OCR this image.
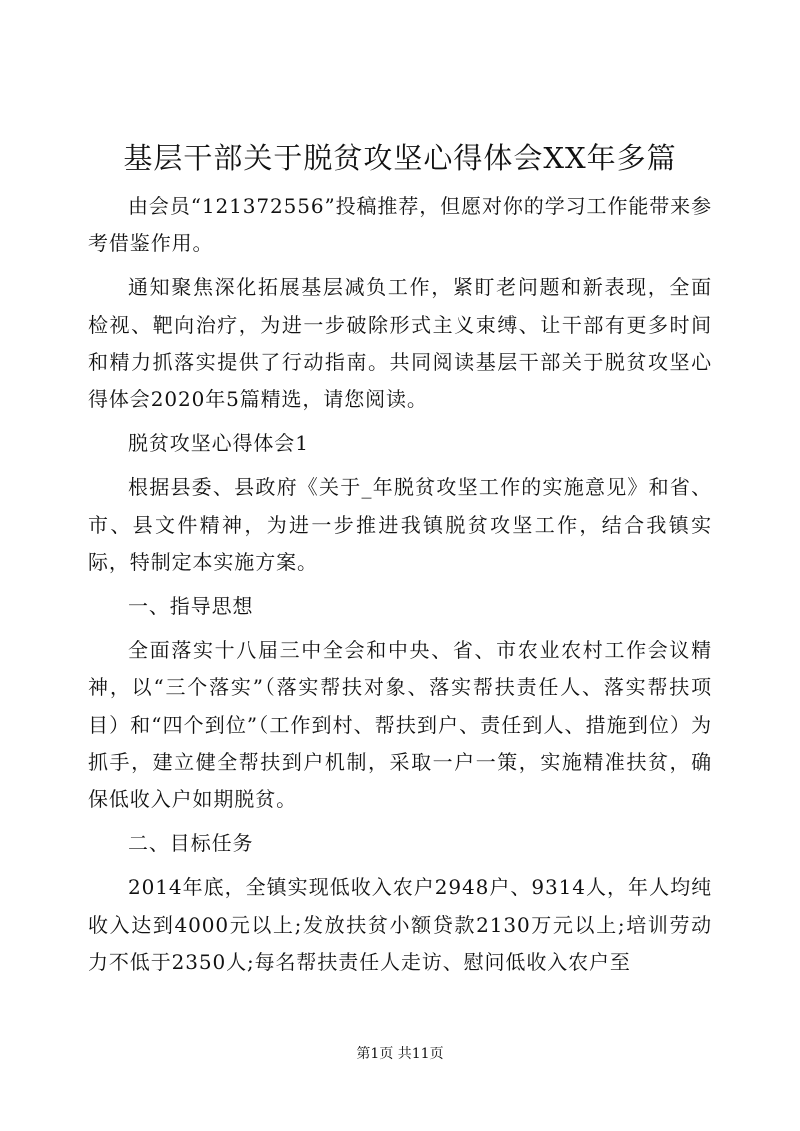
基层干部关于脱贫攻坚心得体会XX年多篇

由会员“121372556”投稿推荐，但愿对你的学习工作能带来参考借鉴作用。

通知聚焦深化拓展基层减负工作，紧盯老问题和新表现，全面检视、靶向治疗，为进一步破除形式主义束缚、让干部有更多时间和精力抓落实提供了行动指南。共同阅读基层干部关于脱贫攻坚心得体会2020年5篇精选，请您阅读。

脱贫攻坚心得体会1

根据县委、县政府《关于_年脱贫攻坚工作的实施意见》和省、市、县文件精神，为进一步推进我镇脱贫攻坚工作，结合我镇实际，特制定本实施方案。

一、指导思想

全面落实十八届三中全会和中央、省、市农业农村工作会议精神，以“三个落实”（落实帮扶对象、落实帮扶责任人、落实帮扶项目）和“四个到位”（工作到村、帮扶到户、责任到人、措施到位）为抓手，建立健全帮扶到户机制，采取一户一策，实施精准扶贫，确保低收入户如期脱贫。

二、目标任务

2014年底，全镇实现低收入农户2948户、9314人，年人均纯收入达到4000元以上;发放扶贫小额贷款2130万元以上;培训劳动力不低于2350人;每名帮扶责任人走访、慰问低收入农户至

第1页 共11页
